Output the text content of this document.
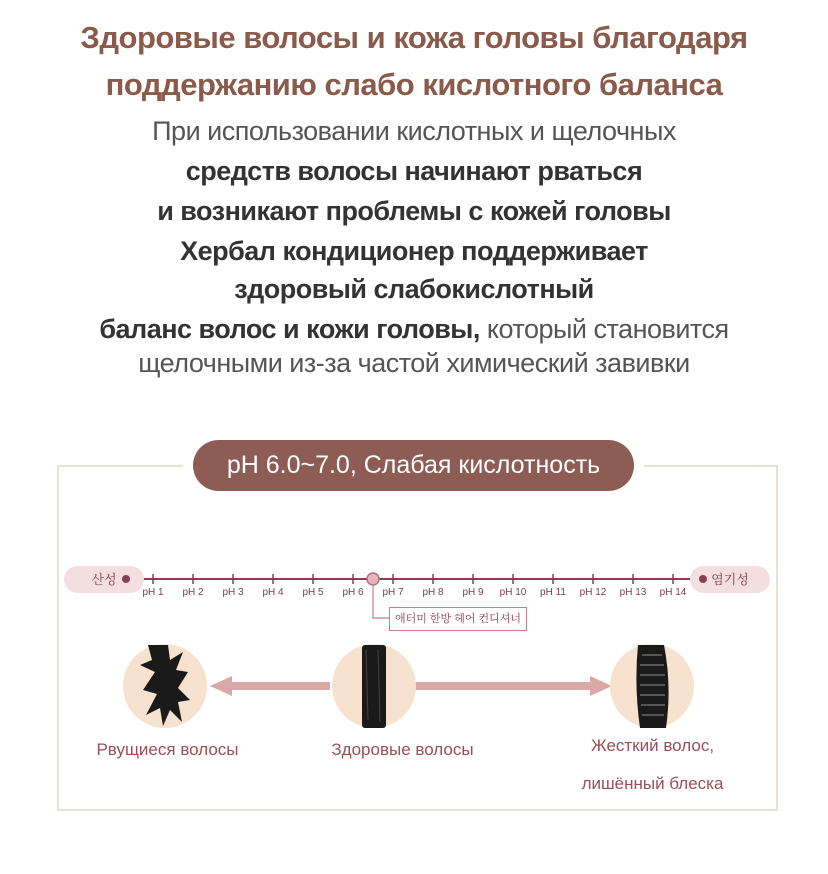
Здоровые волосы и кожа головы благодаря
поддержанию слабо кислотного баланса
При использовании кислотных и щелочных
средств волосы начинают рваться
и возникают проблемы с кожей головы
Хербал кондиционер поддерживает
здоровый слабокислотный
баланс волос и кожи головы, который становится
щелочными из-за частой химический завивки
pH 6.0~7.0, Слабая кислотность
산성	염기성
pH 1	pH 2	pH 3	pH 4	pH 5	pH 6	pH 7	pH 8	pH 9	pH 10	pH 11	pH 12	pH 13	pH 14
애터미 한방 헤어 컨디셔너
Рвущиеся волосы	Здоровые волосы	Жесткий волос,
лишённый блеска
